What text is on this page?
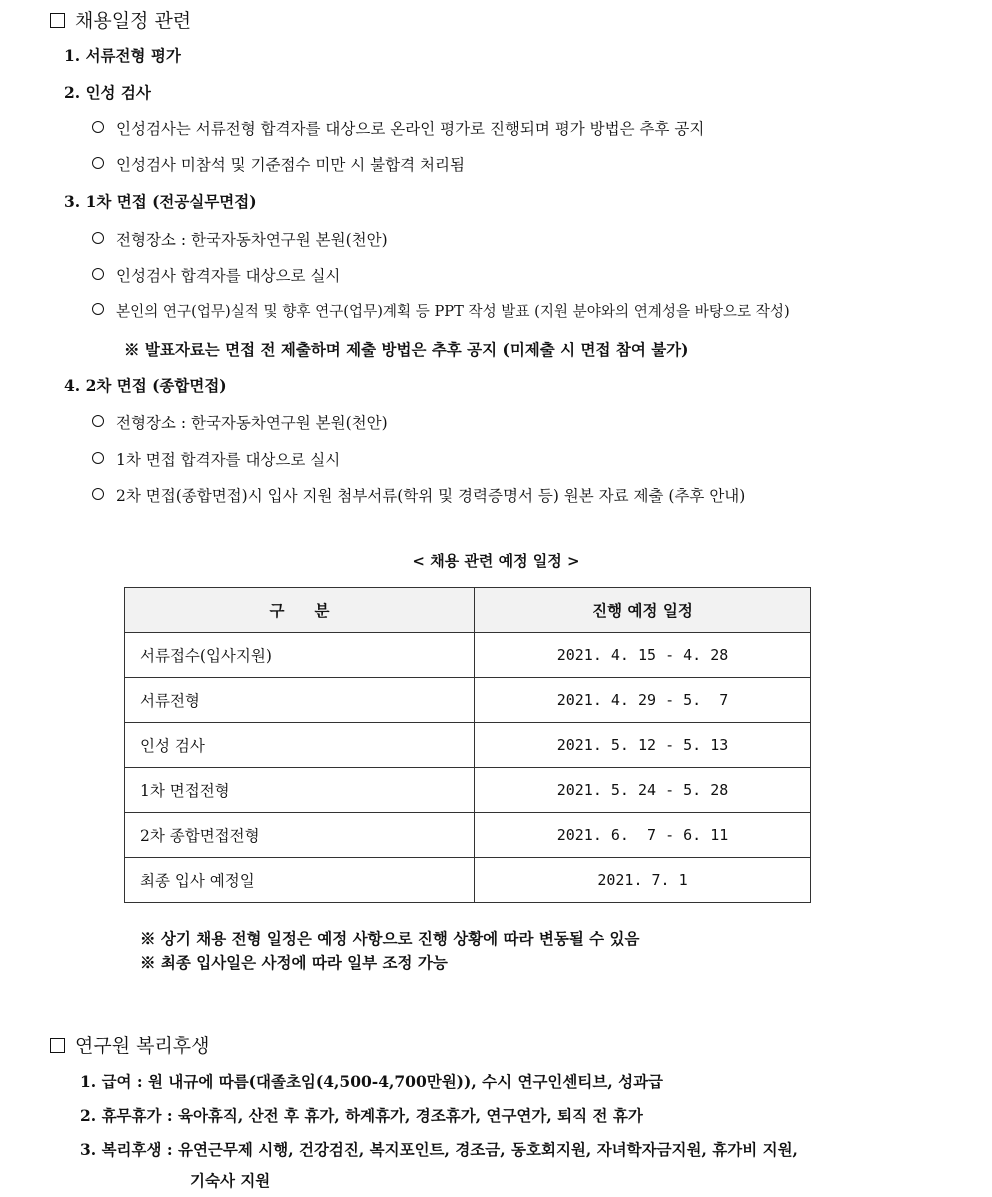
채용일정 관련
1. 서류전형 평가
2. 인성 검사
인성검사는 서류전형 합격자를 대상으로 온라인 평가로 진행되며 평가 방법은 추후 공지
인성검사 미참석 및 기준점수 미만 시 불합격 처리됨
3. 1차 면접 (전공실무면접)
전형장소 : 한국자동차연구원 본원(천안)
인성검사 합격자를 대상으로 실시
본인의 연구(업무)실적 및 향후 연구(업무)계획 등 PPT 작성 발표 (지원 분야와의 연계성을 바탕으로 작성)
※ 발표자료는 면접 전 제출하며 제출 방법은 추후 공지 (미제출 시 면접 참여 불가)
4. 2차 면접 (종합면접)
전형장소 : 한국자동차연구원 본원(천안)
1차 면접 합격자를 대상으로 실시
2차 면접(종합면접)시 입사 지원 첨부서류(학위 및 경력증명서 등) 원본 자료 제출 (추후 안내)
< 채용 관련 예정 일정 >
구분	진행 예정 일정
서류접수(입사지원)	2021. 4. 15 - 4. 28
서류전형	2021. 4. 29 - 5.  7
인성 검사	2021. 5. 12 - 5. 13
1차 면접전형	2021. 5. 24 - 5. 28
2차 종합면접전형	2021. 6.  7 - 6. 11
최종 입사 예정일	2021. 7. 1
※ 상기 채용 전형 일정은 예정 사항으로 진행 상황에 따라 변동될 수 있음
※ 최종 입사일은 사정에 따라 일부 조정 가능
연구원 복리후생
1. 급여 : 원 내규에 따름(대졸초임(4,500-4,700만원)), 수시 연구인센티브, 성과급
2. 휴무휴가 : 육아휴직, 산전 후 휴가, 하계휴가, 경조휴가, 연구연가, 퇴직 전 휴가
3. 복리후생 : 유연근무제 시행, 건강검진, 복지포인트, 경조금, 동호회지원, 자녀학자금지원, 휴가비 지원,
기숙사 지원
